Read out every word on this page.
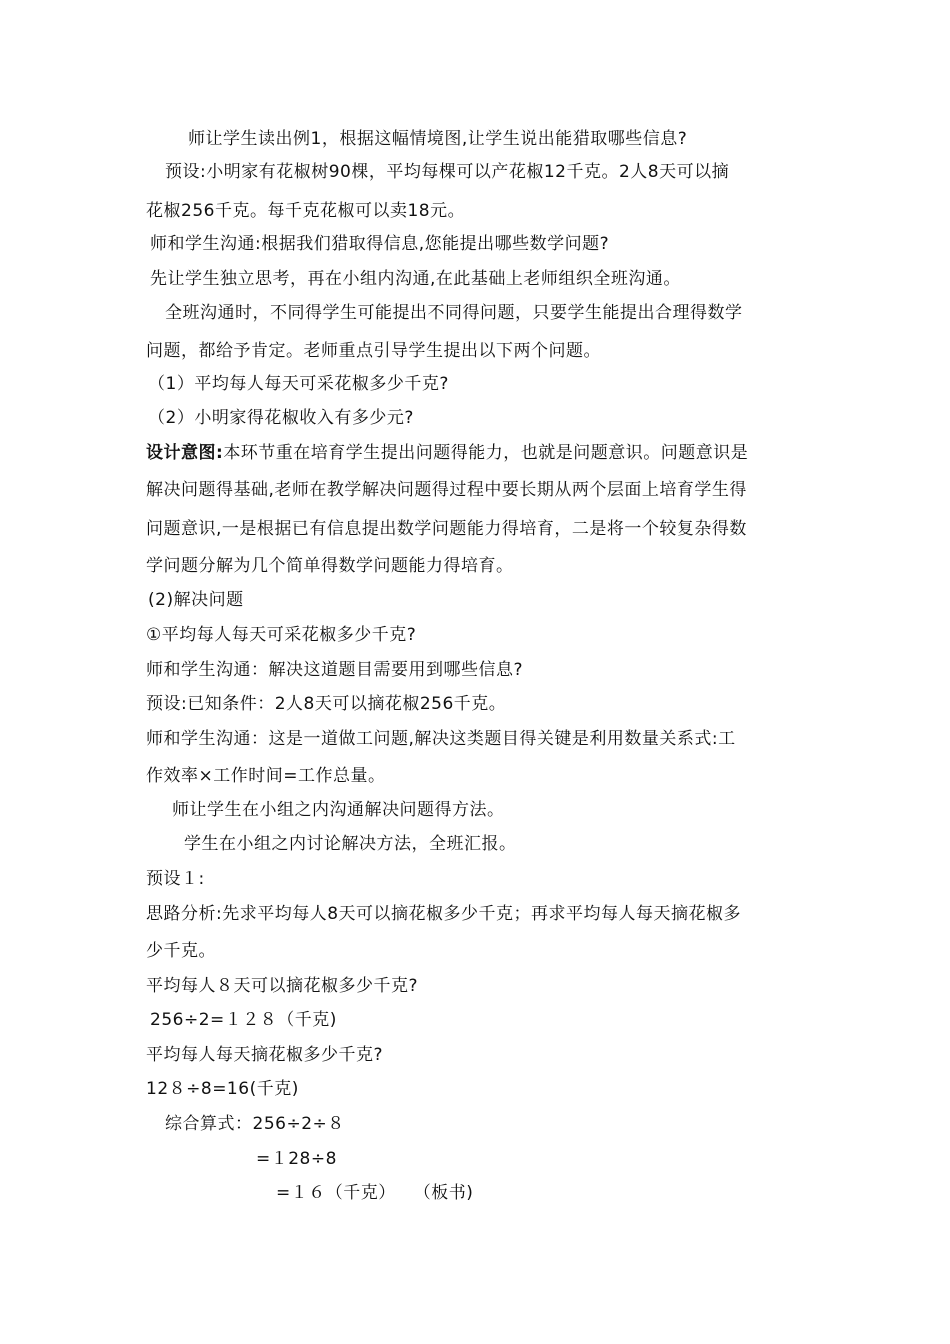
师让学生读出例1，根据这幅情境图,让学生说出能猎取哪些信息?
预设:小明家有花椒树90棵，平均每棵可以产花椒12千克。2人8天可以摘
花椒256千克。每千克花椒可以卖18元。
师和学生沟通:根据我们猎取得信息,您能提出哪些数学问题?
先让学生独立思考，再在小组内沟通,在此基础上老师组织全班沟通。
全班沟通时，不同得学生可能提出不同得问题，只要学生能提出合理得数学
问题，都给予肯定。老师重点引导学生提出以下两个问题。
（1）平均每人每天可采花椒多少千克?
（2）小明家得花椒收入有多少元?
设计意图:本环节重在培育学生提出问题得能力，也就是问题意识。问题意识是
解决问题得基础,老师在教学解决问题得过程中要长期从两个层面上培育学生得
问题意识,一是根据已有信息提出数学问题能力得培育，二是将一个较复杂得数
学问题分解为几个简单得数学问题能力得培育。
(2)解决问题
①平均每人每天可采花椒多少千克?
师和学生沟通：解决这道题目需要用到哪些信息?
预设:已知条件：2人8天可以摘花椒256千克。
师和学生沟通：这是一道做工问题,解决这类题目得关键是利用数量关系式:工
作效率×工作时间=工作总量。
师让学生在小组之内沟通解决问题得方法。
学生在小组之内讨论解决方法，全班汇报。
预设１:
思路分析:先求平均每人8天可以摘花椒多少千克；再求平均每人每天摘花椒多
少千克。
平均每人８天可以摘花椒多少千克?
256÷2=１２８（千克)
平均每人每天摘花椒多少千克?
12８÷8=16(千克)
综合算式：256÷2÷８
=１28÷8
=１６（千克）　　（板书)
